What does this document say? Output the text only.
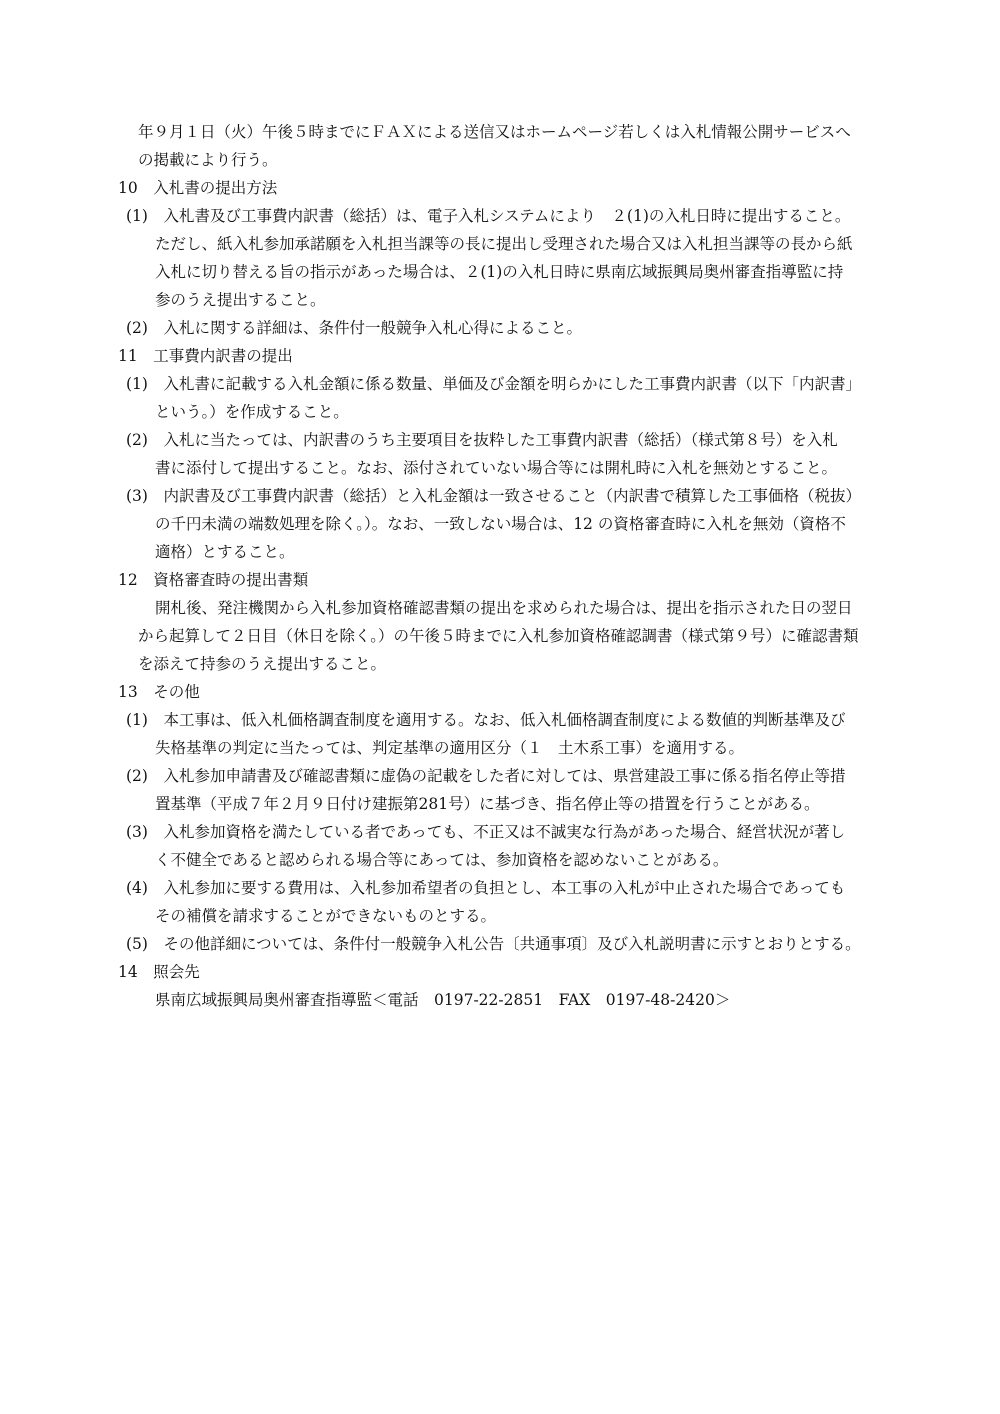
年９月１日（火）午後５時までにＦＡＸによる送信又はホームページ若しくは入札情報公開サービスへ
の掲載により行う。
10　入札書の提出方法
(1)　入札書及び工事費内訳書（総括）は、電子入札システムにより　２(1)の入札日時に提出すること。
ただし、紙入札参加承諾願を入札担当課等の長に提出し受理された場合又は入札担当課等の長から紙
入札に切り替える旨の指示があった場合は、２(1)の入札日時に県南広域振興局奥州審査指導監に持
参のうえ提出すること。
(2)　入札に関する詳細は、条件付一般競争入札心得によること。
11　工事費内訳書の提出
(1)　入札書に記載する入札金額に係る数量、単価及び金額を明らかにした工事費内訳書（以下「内訳書」
という。）を作成すること。
(2)　入札に当たっては、内訳書のうち主要項目を抜粋した工事費内訳書（総括）（様式第８号）を入札
書に添付して提出すること。なお、添付されていない場合等には開札時に入札を無効とすること。
(3)　内訳書及び工事費内訳書（総括）と入札金額は一致させること（内訳書で積算した工事価格（税抜）
の千円未満の端数処理を除く。）。なお、一致しない場合は、12 の資格審査時に入札を無効（資格不
適格）とすること。
12　資格審査時の提出書類
開札後、発注機関から入札参加資格確認書類の提出を求められた場合は、提出を指示された日の翌日
から起算して２日目（休日を除く。）の午後５時までに入札参加資格確認調書（様式第９号）に確認書類
を添えて持参のうえ提出すること。
13　その他
(1)　本工事は、低入札価格調査制度を適用する。なお、低入札価格調査制度による数値的判断基準及び
失格基準の判定に当たっては、判定基準の適用区分（１　土木系工事）を適用する。
(2)　入札参加申請書及び確認書類に虚偽の記載をした者に対しては、県営建設工事に係る指名停止等措
置基準（平成７年２月９日付け建振第281号）に基づき、指名停止等の措置を行うことがある。
(3)　入札参加資格を満たしている者であっても、不正又は不誠実な行為があった場合、経営状況が著し
く不健全であると認められる場合等にあっては、参加資格を認めないことがある。
(4)　入札参加に要する費用は、入札参加希望者の負担とし、本工事の入札が中止された場合であっても
その補償を請求することができないものとする。
(5)　その他詳細については、条件付一般競争入札公告〔共通事項〕及び入札説明書に示すとおりとする。
14　照会先
県南広域振興局奥州審査指導監＜電話　0197-22-2851　FAX　0197-48-2420＞
